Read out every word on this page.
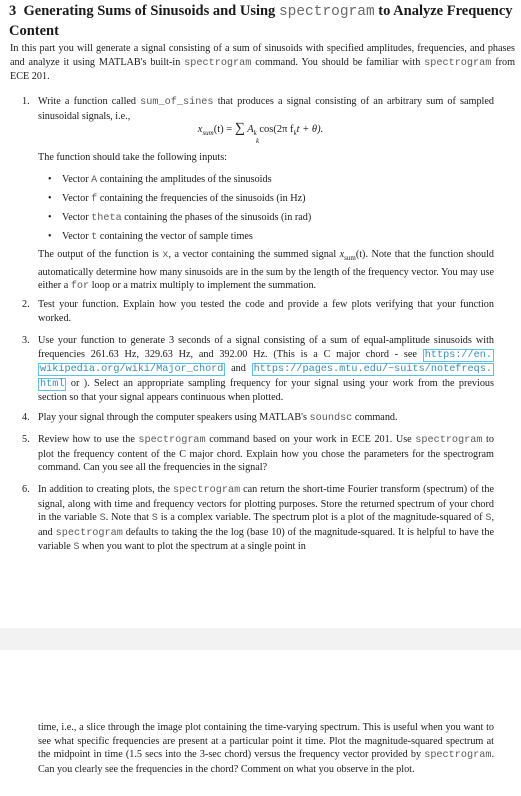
3 Generating Sums of Sinusoids and Using spectrogram to Analyze Frequency Content

In this part you will generate a signal consisting of a sum of sinusoids with specified amplitudes, frequencies, and phases and analyze it using MATLAB's built-in spectrogram command. You should be familiar with spectrogram from ECE 201.

1. Write a function called sum_of_sines that produces a signal consisting of an arbitrary sum of sampled sinusoidal signals, i.e.,

$x_{sum}(t)$ = ∑ $A_k$ cos(2π $f_kt + \theta$).
k

The function should take the following inputs:

• Vector A containing the amplitudes of the sinusoids
• Vector f containing the frequencies of the sinusoids (in Hz)
• Vector theta containing the phases of the sinusoids (in rad)
• Vector t containing the vector of sample times

The output of the function is x, a vector containing the summed signal $x_{sum}(t)$. Note that the function should automatically determine how many sinusoids are in the sum by the length of the frequency vector. You may use either a for loop or a matrix multiply to implement the summation.

2. Test your function. Explain how you tested the code and provide a few plots verifying that your function worked.

3. Use your function to generate 3 seconds of a signal consisting of a sum of equal-amplitude sinusoids with frequencies 261.63 Hz, 329.63 Hz, and 392.00 Hz. (This is a C major chord - see https://en. wikipedia.org/wiki/Major_chord and https://pages.mtu.edu/~suits/notefreqs. html or ). Select an appropriate sampling frequency for your signal using your work from the previous section so that your signal appears continuous when plotted.

4. Play your signal through the computer speakers using MATLAB's soundsc command.

5. Review how to use the spectrogram command based on your work in ECE 201. Use spectrogram to plot the frequency content of the C major chord. Explain how you chose the parameters for the spectrogram command. Can you see all the frequencies in the signal?

6. In addition to creating plots, the spectrogram can return the short-time Fourier transform (spectrum) of the signal, along with time and frequency vectors for plotting purposes. Store the returned spectrum of your chord in the variable S. Note that S is a complex variable. The spectrum plot is a plot of the magnitude-squared of S, and spectrogram defaults to taking the the log (base 10) of the magnitude-squared. It is helpful to have the variable S when you want to plot the spectrum at a single point in

time, i.e., a slice through the image plot containing the time-varying spectrum. This is useful when you want to see what specific frequencies are present at a particular point it time. Plot the magnitude-squared spectrum at the midpoint in time (1.5 secs into the 3-sec chord) versus the frequency vector provided by spectrogram. Can you clearly see the frequencies in the chord? Comment on what you observe in the plot.
